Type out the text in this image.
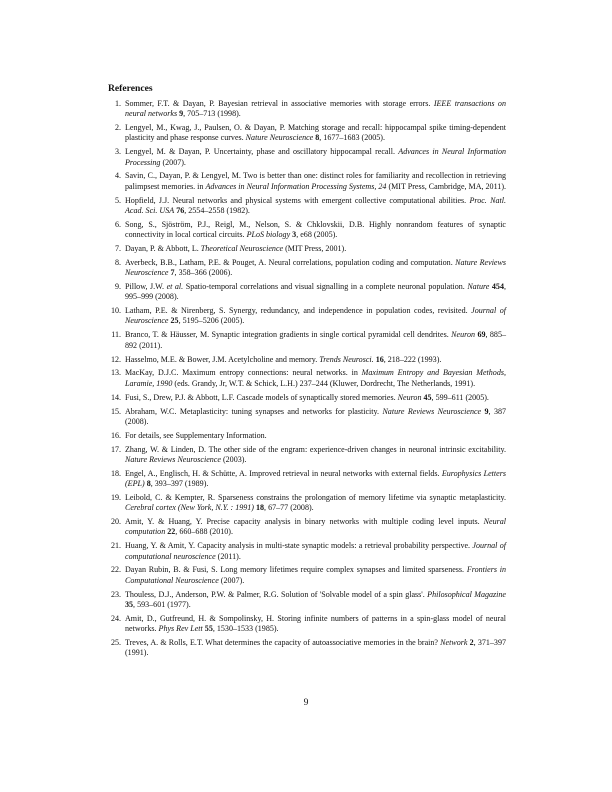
References
1. Sommer, F.T. & Dayan, P. Bayesian retrieval in associative memories with storage errors. IEEE transactions on neural networks 9, 705–713 (1998).
2. Lengyel, M., Kwag, J., Paulsen, O. & Dayan, P. Matching storage and recall: hippocampal spike timing-dependent plasticity and phase response curves. Nature Neuroscience 8, 1677–1683 (2005).
3. Lengyel, M. & Dayan, P. Uncertainty, phase and oscillatory hippocampal recall. Advances in Neural Information Processing (2007).
4. Savin, C., Dayan, P. & Lengyel, M. Two is better than one: distinct roles for familiarity and recollection in retrieving palimpsest memories. in Advances in Neural Information Processing Systems, 24 (MIT Press, Cambridge, MA, 2011).
5. Hopfield, J.J. Neural networks and physical systems with emergent collective computational abilities. Proc. Natl. Acad. Sci. USA 76, 2554–2558 (1982).
6. Song, S., Sjöström, P.J., Reigl, M., Nelson, S. & Chklovskii, D.B. Highly nonrandom features of synaptic connectivity in local cortical circuits. PLoS biology 3, e68 (2005).
7. Dayan, P. & Abbott, L. Theoretical Neuroscience (MIT Press, 2001).
8. Averbeck, B.B., Latham, P.E. & Pouget, A. Neural correlations, population coding and computation. Nature Reviews Neuroscience 7, 358–366 (2006).
9. Pillow, J.W. et al. Spatio-temporal correlations and visual signalling in a complete neuronal population. Nature 454, 995–999 (2008).
10. Latham, P.E. & Nirenberg, S. Synergy, redundancy, and independence in population codes, revisited. Journal of Neuroscience 25, 5195–5206 (2005).
11. Branco, T. & Häusser, M. Synaptic integration gradients in single cortical pyramidal cell dendrites. Neuron 69, 885–892 (2011).
12. Hasselmo, M.E. & Bower, J.M. Acetylcholine and memory. Trends Neurosci. 16, 218–222 (1993).
13. MacKay, D.J.C. Maximum entropy connections: neural networks. in Maximum Entropy and Bayesian Methods, Laramie, 1990 (eds. Grandy, Jr, W.T. & Schick, L.H.) 237–244 (Kluwer, Dordrecht, The Netherlands, 1991).
14. Fusi, S., Drew, P.J. & Abbott, L.F. Cascade models of synaptically stored memories. Neuron 45, 599–611 (2005).
15. Abraham, W.C. Metaplasticity: tuning synapses and networks for plasticity. Nature Reviews Neuroscience 9, 387 (2008).
16. For details, see Supplementary Information.
17. Zhang, W. & Linden, D. The other side of the engram: experience-driven changes in neuronal intrinsic excitability. Nature Reviews Neuroscience (2003).
18. Engel, A., Englisch, H. & Schütte, A. Improved retrieval in neural networks with external fields. Europhysics Letters (EPL) 8, 393–397 (1989).
19. Leibold, C. & Kempter, R. Sparseness constrains the prolongation of memory lifetime via synaptic metaplasticity. Cerebral cortex (New York, N.Y. : 1991) 18, 67–77 (2008).
20. Amit, Y. & Huang, Y. Precise capacity analysis in binary networks with multiple coding level inputs. Neural computation 22, 660–688 (2010).
21. Huang, Y. & Amit, Y. Capacity analysis in multi-state synaptic models: a retrieval probability perspective. Journal of computational neuroscience (2011).
22. Dayan Rubin, B. & Fusi, S. Long memory lifetimes require complex synapses and limited sparseness. Frontiers in Computational Neuroscience (2007).
23. Thouless, D.J., Anderson, P.W. & Palmer, R.G. Solution of 'Solvable model of a spin glass'. Philosophical Magazine 35, 593–601 (1977).
24. Amit, D., Gutfreund, H. & Sompolinsky, H. Storing infinite numbers of patterns in a spin-glass model of neural networks. Phys Rev Lett 55, 1530–1533 (1985).
25. Treves, A. & Rolls, E.T. What determines the capacity of autoassociative memories in the brain? Network 2, 371–397 (1991).
9
